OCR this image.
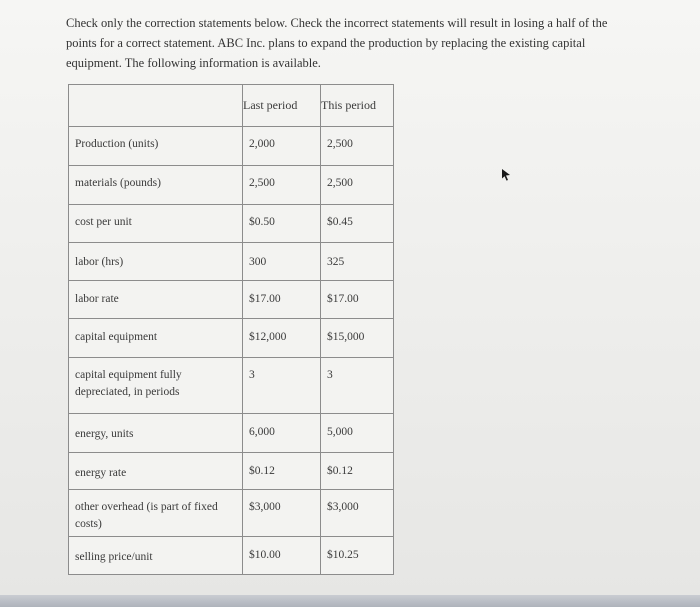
Check only the correction statements below. Check the incorrect statements will result in losing a half of the
points for a correct statement. ABC Inc. plans to expand the production by replacing the existing capital
equipment. The following information is available.
	Last period	This period

Production (units)	2,000	2,500

materials (pounds)	2,500	2,500

cost per unit	$0.50	$0.45

labor (hrs)	300	325

labor rate	$17.00	$17.00

capital equipment	$12,000	$15,000

capital equipment fully depreciated, in periods	3	3

energy, units	6,000	5,000

energy rate	$0.12	$0.12

other overhead (is part of fixed costs)	$3,000	$3,000

selling price/unit	$10.00	$10.25
